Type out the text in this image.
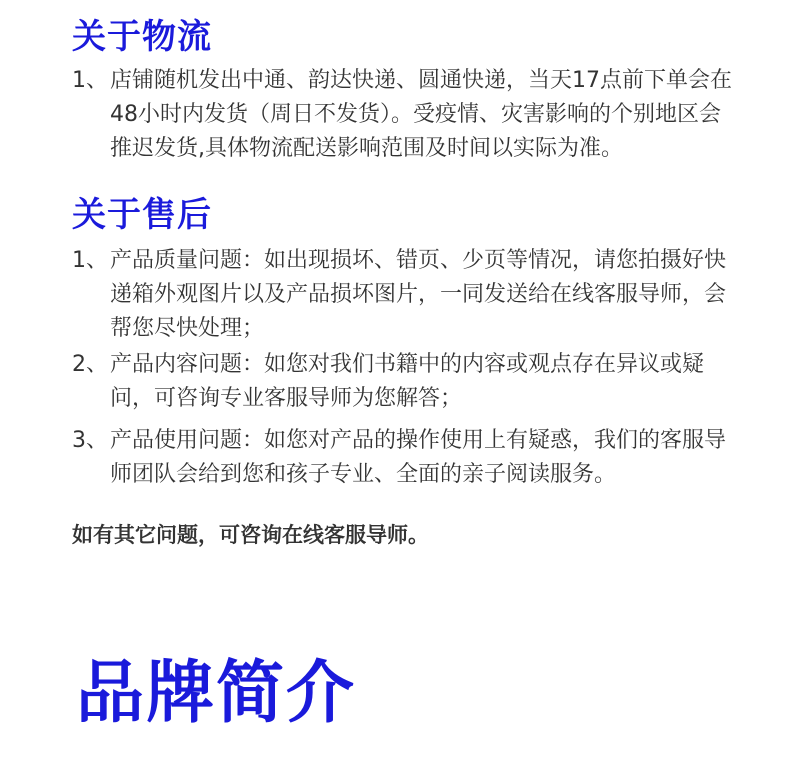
关于物流
1、 店铺随机发出中通、韵达快递、圆通快递，当天17点前下单会在48小时内发货（周日不发货）。受疫情、灾害影响的个别地区会推迟发货,具体物流配送影响范围及时间以实际为准。
关于售后
1、 产品质量问题：如出现损坏、错页、少页等情况，请您拍摄好快递箱外观图片以及产品损坏图片，一同发送给在线客服导师，会帮您尽快处理；
2、 产品内容问题：如您对我们书籍中的内容或观点存在异议或疑问，可咨询专业客服导师为您解答；
3、 产品使用问题：如您对产品的操作使用上有疑惑，我们的客服导师团队会给到您和孩子专业、全面的亲子阅读服务。

如有其它问题，可咨询在线客服导师。

品牌简介
